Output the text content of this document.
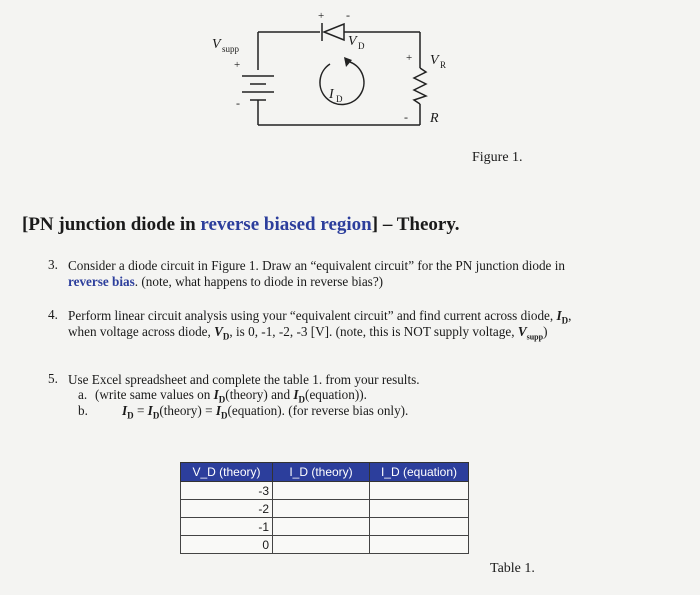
+ -
V D
V supp
+
-
+ V R
- R
I D
Figure 1.
[PN junction diode in reverse biased region] – Theory.
3. Consider a diode circuit in Figure 1. Draw an “equivalent circuit” for the PN junction diode in
reverse bias. (note, what happens to diode in reverse bias?)
4. Perform linear circuit analysis using your “equivalent circuit” and find current across diode, $I_D$,
when voltage across diode, $V_D$, is 0, -1, -2, -3 [V]. (note, this is NOT supply voltage, $V_{supp}$)
5. Use Excel spreadsheet and complete the table 1. from your results.
a. (write same values on $I_D(theory)$ and $I_D(equation)$).
b.	$I_D$ = $I_D(theory)$ = $I_D(equation)$. (for reverse bias only).
V_D (theory)	I_D (theory)	I_D (equation)
-3		
-2		
-1		
0		
Table 1.
